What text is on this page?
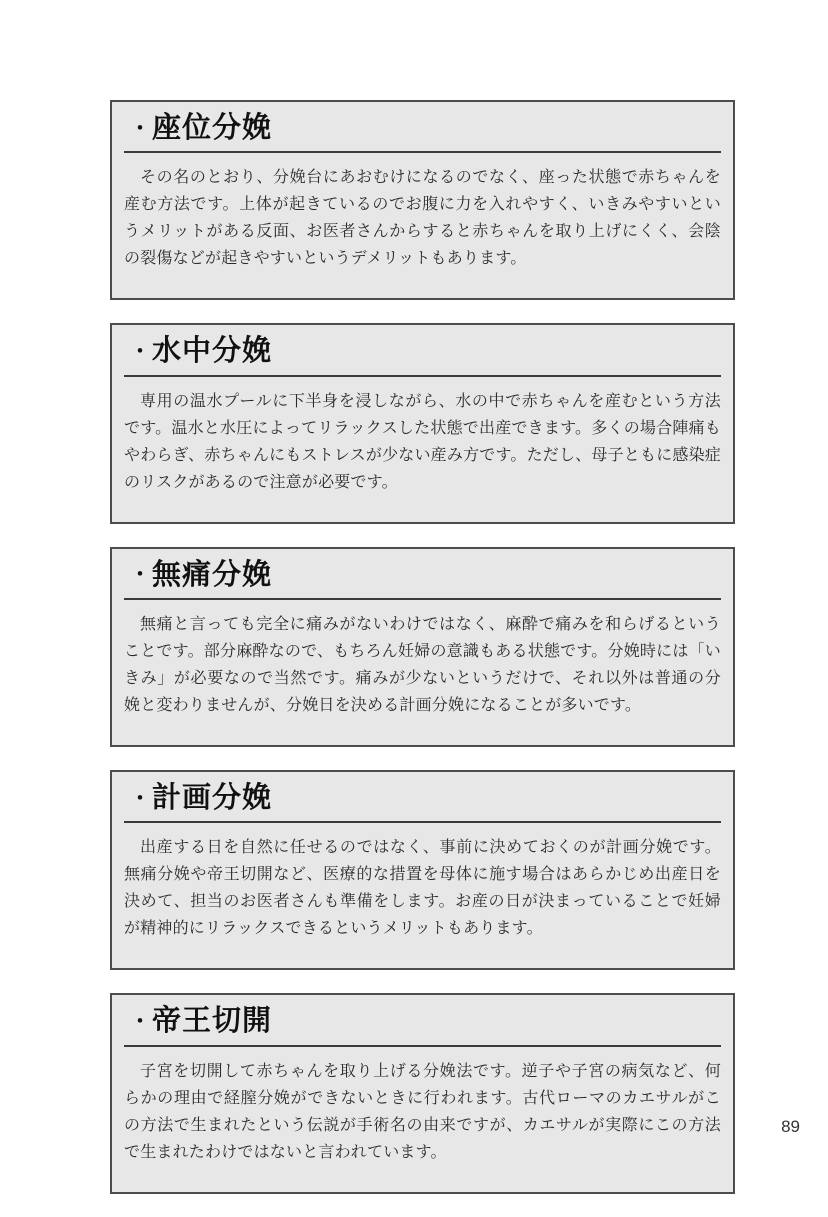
・ 座位分娩

その名のとおり、分娩台にあおむけになるのでなく、座った状態で赤ちゃんを産む方法です。上体が起きているのでお腹に力を入れやすく、いきみやすいというメリットがある反面、お医者さんからすると赤ちゃんを取り上げにくく、会陰の裂傷などが起きやすいというデメリットもあります。

・ 水中分娩

専用の温水プールに下半身を浸しながら、水の中で赤ちゃんを産むという方法です。温水と水圧によってリラックスした状態で出産できます。多くの場合陣痛もやわらぎ、赤ちゃんにもストレスが少ない産み方です。ただし、母子ともに感染症のリスクがあるので注意が必要です。

・ 無痛分娩

無痛と言っても完全に痛みがないわけではなく、麻酔で痛みを和らげるということです。部分麻酔なので、もちろん妊婦の意識もある状態です。分娩時には「いきみ」が必要なので当然です。痛みが少ないというだけで、それ以外は普通の分娩と変わりませんが、分娩日を決める計画分娩になることが多いです。

・ 計画分娩

出産する日を自然に任せるのではなく、事前に決めておくのが計画分娩です。無痛分娩や帝王切開など、医療的な措置を母体に施す場合はあらかじめ出産日を決めて、担当のお医者さんも準備をします。お産の日が決まっていることで妊婦が精神的にリラックスできるというメリットもあります。

・ 帝王切開

子宮を切開して赤ちゃんを取り上げる分娩法です。逆子や子宮の病気など、何らかの理由で経膣分娩ができないときに行われます。古代ローマのカエサルがこの方法で生まれたという伝説が手術名の由来ですが、カエサルが実際にこの方法で生まれたわけではないと言われています。

89
